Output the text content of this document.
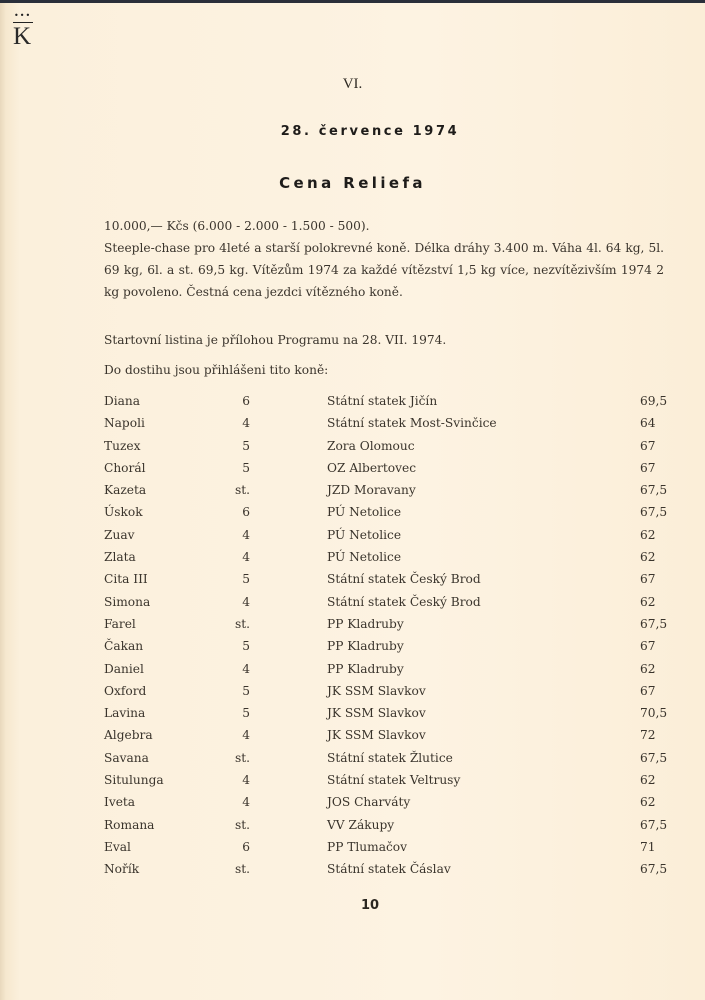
•••
K
VI.
28. července 1974
Cena Reliefa
10.000,— Kčs (6.000 - 2.000 - 1.500 - 500).
Steeple-chase pro 4leté a starší polokrevné koně. Délka dráhy 3.400 m. Váha 4l. 64 kg, 5l. 69 kg, 6l. a st. 69,5 kg. Vítězům 1974 za každé vítězství 1,5 kg více, nezvítězivším 1974 2 kg povoleno. Čestná cena jezdci vítězného koně.
Startovní listina je přílohou Programu na 28. VII. 1974.
Do dostihu jsou přihlášeni tito koně:
Diana	6	Státní statek Jičín	69,5
Napoli	4	Státní statek Most-Svinčice	64
Tuzex	5	Zora Olomouc	67
Chorál	5	OZ Albertovec	67
Kazeta	st.	JZD Moravany	67,5
Úskok	6	PÚ Netolice	67,5
Zuav	4	PÚ Netolice	62
Zlata	4	PÚ Netolice	62
Cita III	5	Státní statek Český Brod	67
Simona	4	Státní statek Český Brod	62
Farel	st.	PP Kladruby	67,5
Čakan	5	PP Kladruby	67
Daniel	4	PP Kladruby	62
Oxford	5	JK SSM Slavkov	67
Lavina	5	JK SSM Slavkov	70,5
Algebra	4	JK SSM Slavkov	72
Savana	st.	Státní statek Žlutice	67,5
Situlunga	4	Státní statek Veltrusy	62
Iveta	4	JOS Charváty	62
Romana	st.	VV Zákupy	67,5
Eval	6	PP Tlumačov	71
Nořík	st.	Státní statek Čáslav	67,5
10
